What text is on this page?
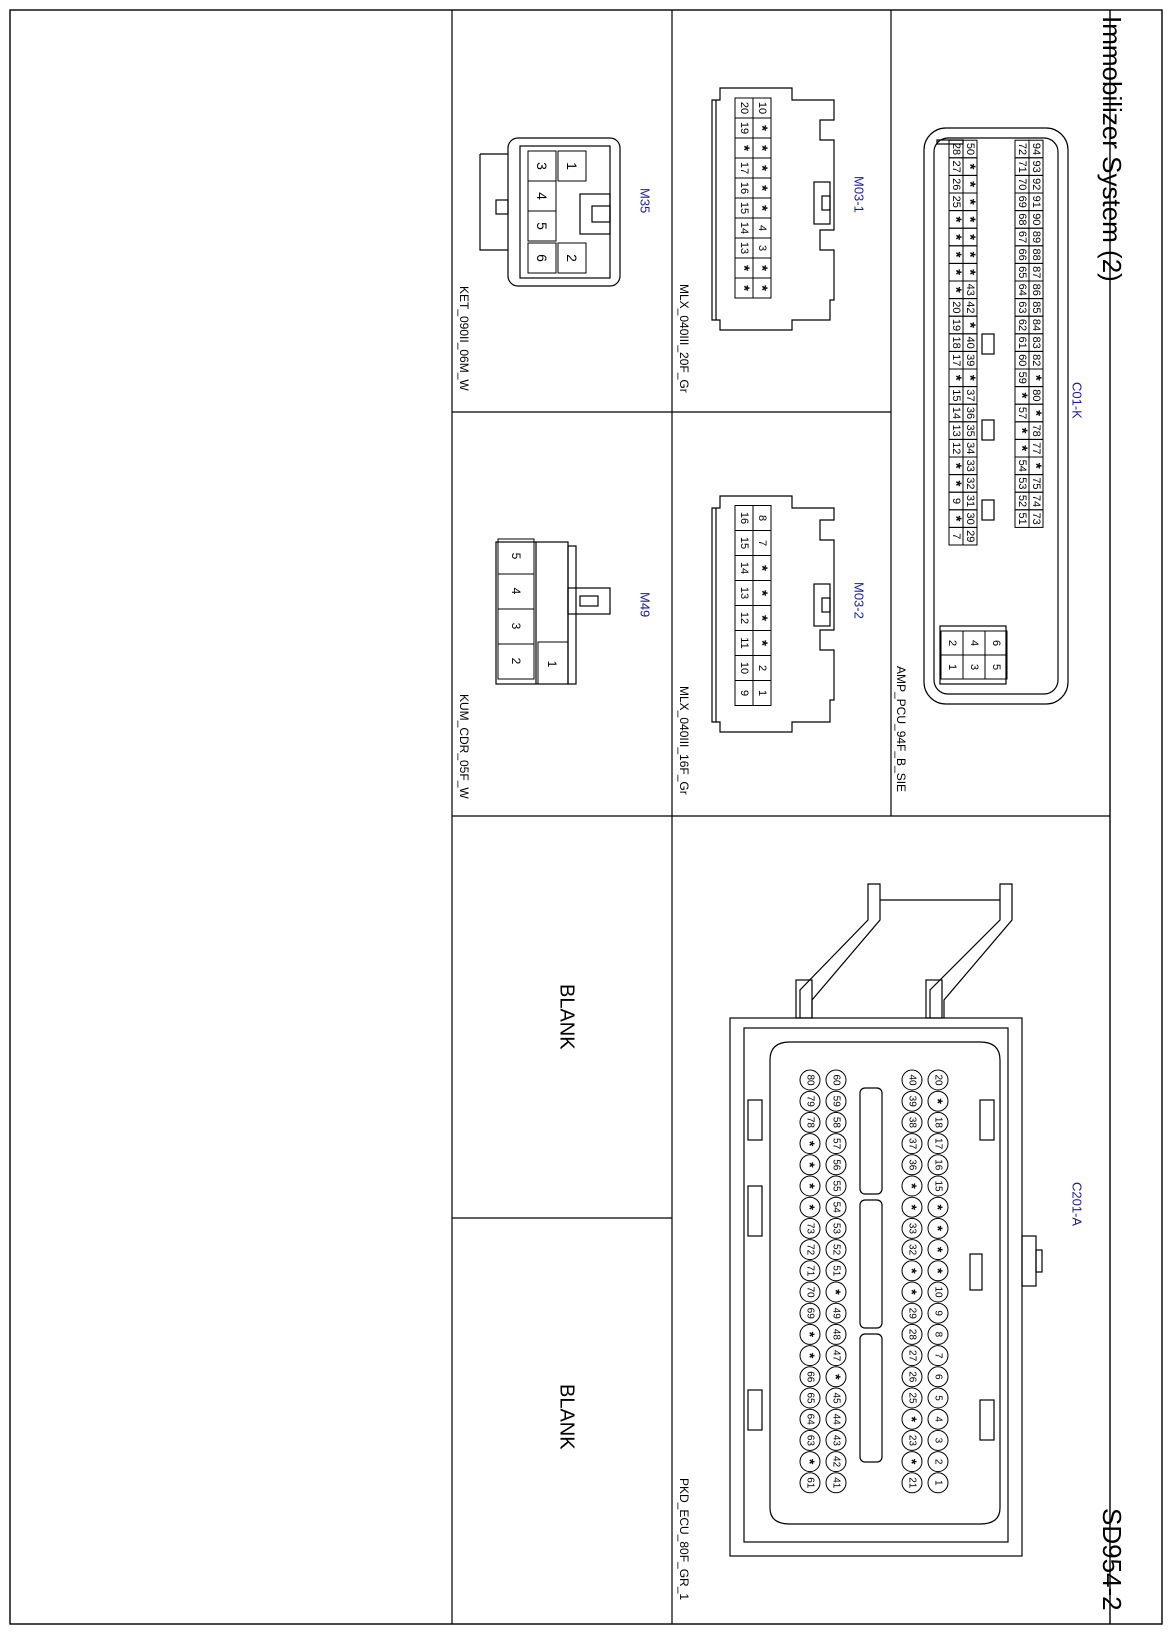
Immobilizer System (2)
SD954-2
C01-K
AMP_PCU_94F_B_SIE
M03-1
MLX_040III_20F_Gr
M03-2
MLX_040III_16F_Gr
M35
KET_090II_06M_W
M49
KUM_CDR_05F_W
C201-A
PKD_ECU_80F_GR_1
BLANK
BLANK
94
93
92
91
90
89
88
87
86
85
84
83
82
*
80
*
78
77
*
75
74
73
72
71
70
69
68
67
66
65
64
63
62
61
60
59
*
57
*
*
54
53
52
51
50
*
*
*
*
*
*
*
43
42
*
40
39
*
37
36
35
34
33
32
31
30
29
28
27
26
25
*
*
*
*
*
20
19
18
17
*
15
14
13
12
*
*
9
*
7
6
5
4
3
2
1
10
*
*
*
*
*
4
3
*
*
20
19
*
17
16
15
14
13
*
*
8
7
*
*
*
*
2
1
16
15
14
13
12
11
10
9
1
2
3
4
5
6
1
5
4
3
2
20
*
18
17
16
15
*
*
*
*
10
9
8
7
6
5
4
3
2
1
40
39
38
37
36
*
*
33
32
*
*
29
28
27
26
25
*
23
*
21
60
59
58
57
56
55
54
53
52
51
*
49
48
47
*
45
44
43
42
41
80
79
78
*
*
*
*
73
72
71
70
69
*
*
66
65
64
63
*
61
